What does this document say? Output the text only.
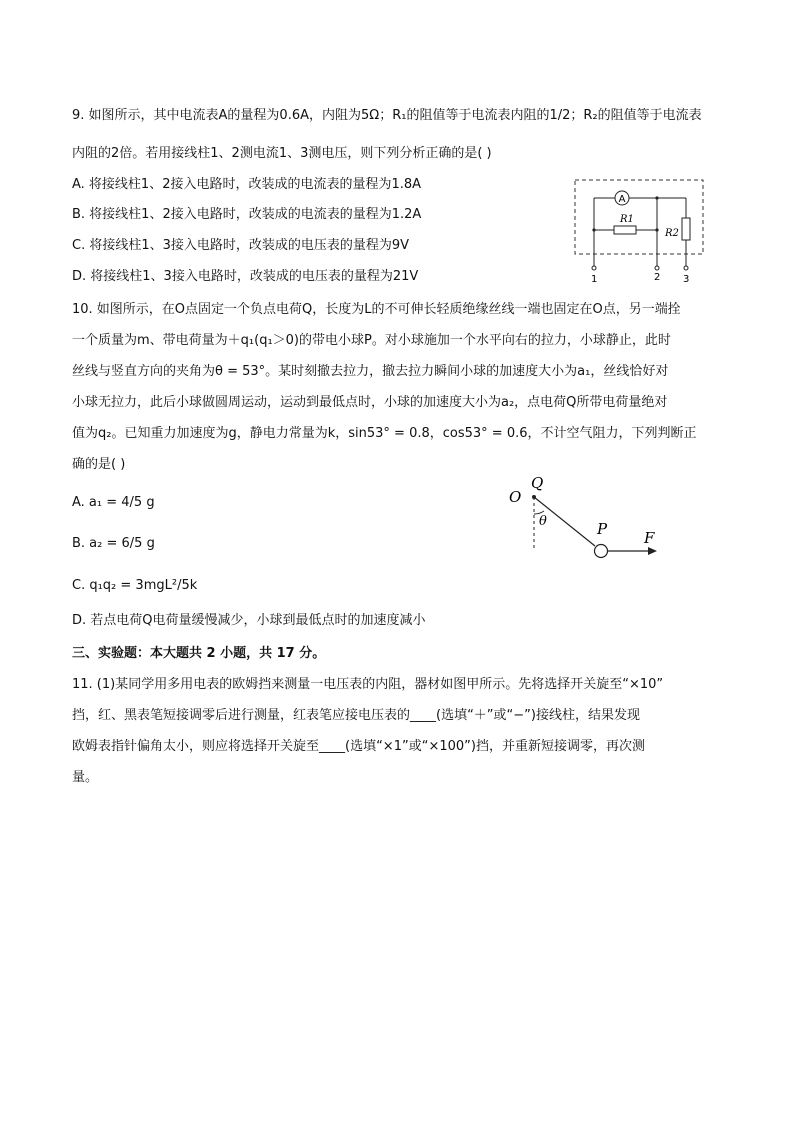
9. 如图所示，其中电流表A的量程为0.6A，内阻为5Ω；R₁的阻值等于电流表内阻的1/2；R₂的阻值等于电流表
内阻的2倍。若用接线柱1、2测电流1、3测电压，则下列分析正确的是( )
A. 将接线柱1、2接入电路时，改装成的电流表的量程为1.8A
B. 将接线柱1、2接入电路时，改装成的电流表的量程为1.2A
C. 将接线柱1、3接入电路时，改装成的电压表的量程为9V
D. 将接线柱1、3接入电路时，改装成的电压表的量程为21V
A
R1
R2
1	2 3
10. 如图所示，在O点固定一个负点电荷Q，长度为L的不可伸长轻质绝缘丝线一端也固定在O点，另一端拴
一个质量为m、带电荷量为＋q₁(q₁＞0)的带电小球P。对小球施加一个水平向右的拉力，小球静止，此时
丝线与竖直方向的夹角为θ = 53°。某时刻撤去拉力，撤去拉力瞬间小球的加速度大小为a₁，丝线恰好对
小球无拉力，此后小球做圆周运动，运动到最低点时，小球的加速度大小为a₂，点电荷Q所带电荷量绝对
值为q₂。已知重力加速度为g，静电力常量为k，sin53° = 0.8，cos53° = 0.6，不计空气阻力，下列判断正
确的是( )
A. a₁ = 4/5 g
B. a₂ = 6/5 g
C. q₁q₂ = 3mgL²/5k
D. 若点电荷Q电荷量缓慢减少，小球到最低点时的加速度减小
O
Q
θ	P F
三、实验题：本大题共 2 小题，共 17 分。
11. (1)某同学用多用电表的欧姆挡来测量一电压表的内阻，器材如图甲所示。先将选择开关旋至“×10”
挡，红、黑表笔短接调零后进行测量，红表笔应接电压表的____(选填“＋”或“−”)接线柱，结果发现
欧姆表指针偏角太小，则应将选择开关旋至____(选填“×1”或“×100”)挡，并重新短接调零，再次测
量。
